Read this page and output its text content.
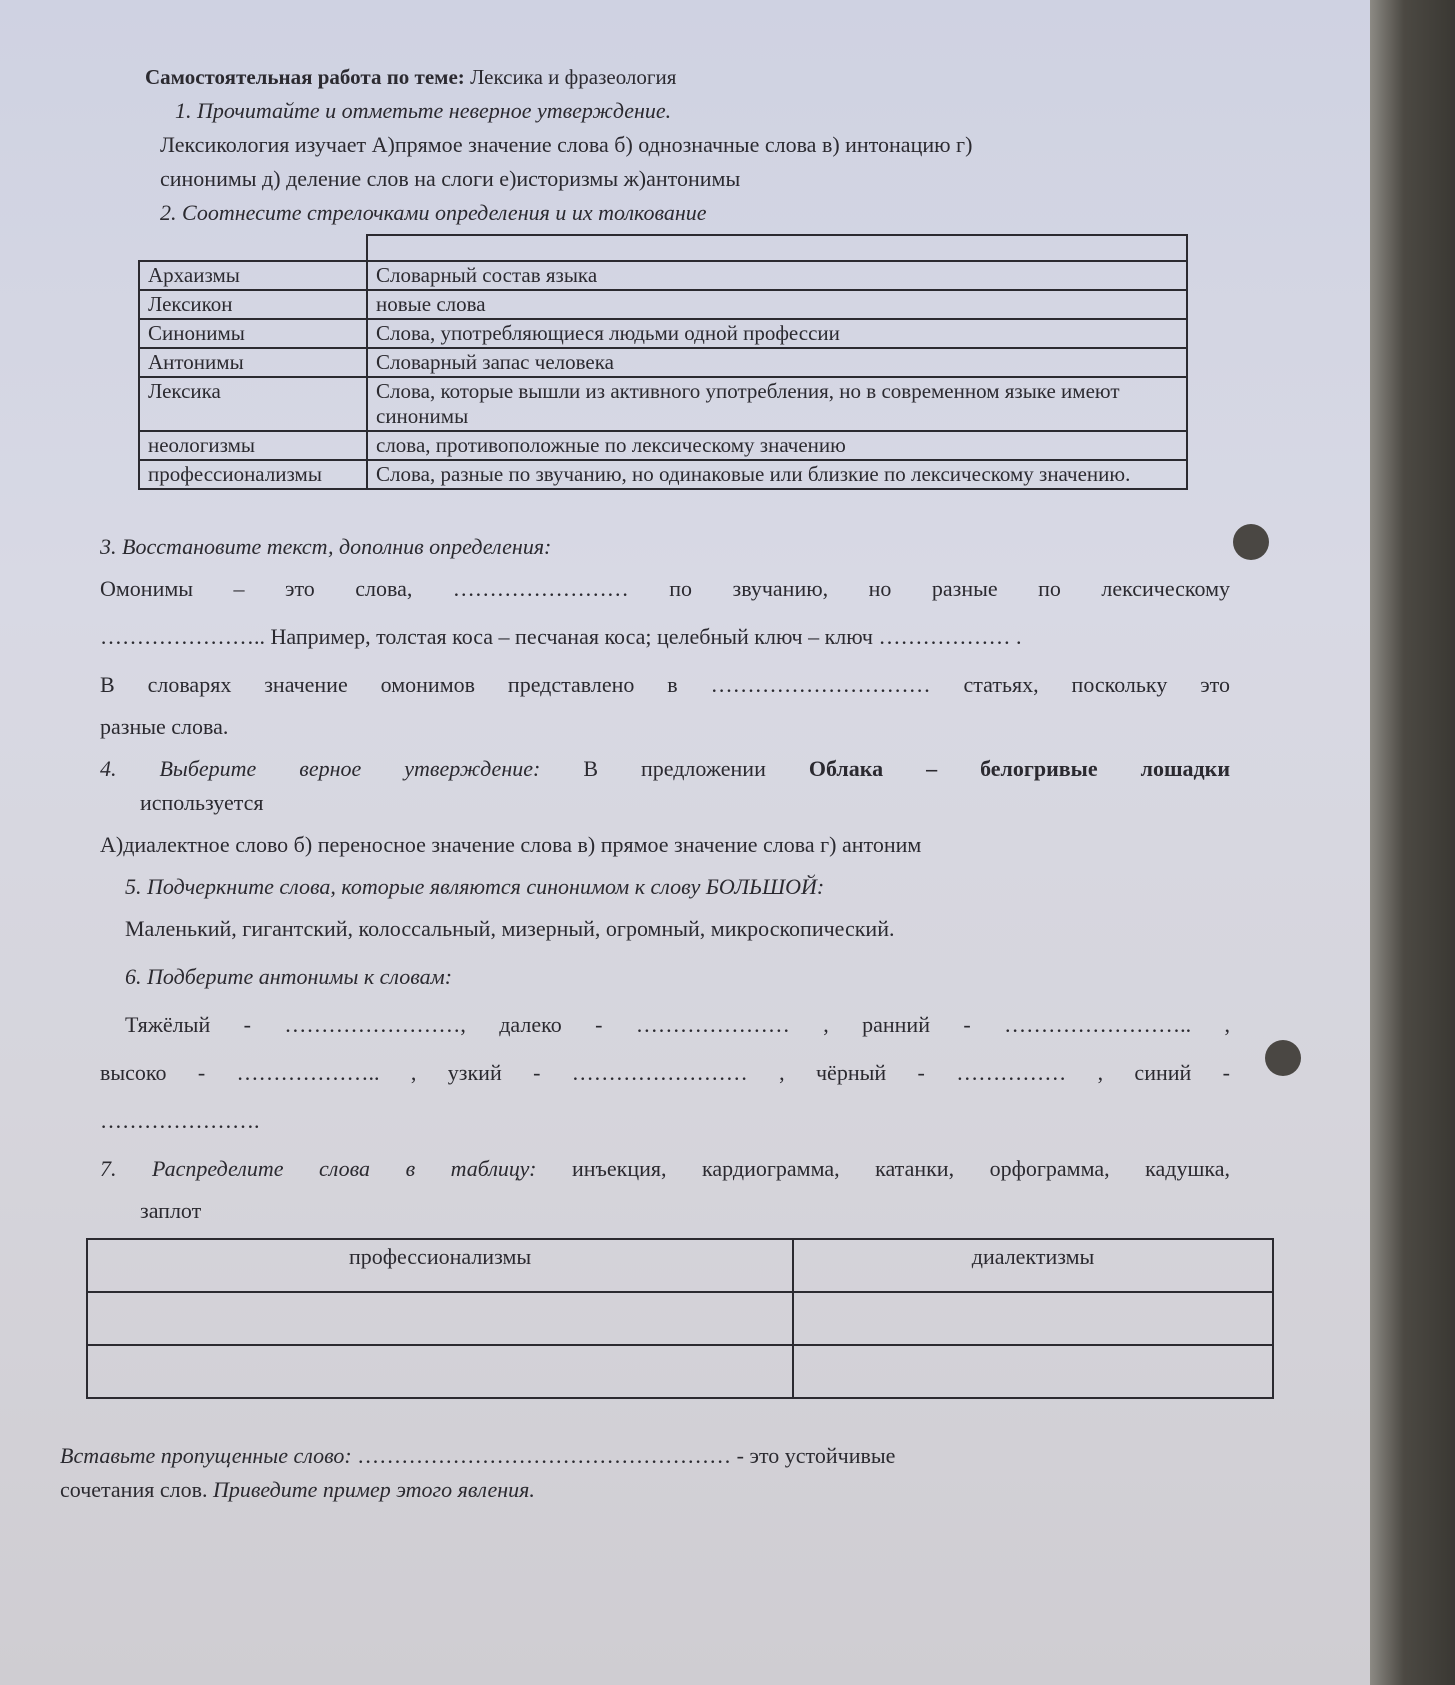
Самостоятельная работа по теме: Лексика и фразеология
1. Прочитайте и отметьте неверное утверждение.
Лексикология изучает А)прямое значение слова б) однозначные слова в) интонацию г)
синонимы д) деление слов на слоги е)историзмы ж)антонимы
2. Соотнесите стрелочками определения и их толкование

Архаизмы	Словарный состав языка
Лексикон	новые слова
Синонимы	Слова, употребляющиеся людьми одной профессии
Антонимы	Словарный запас человека
Лексика	Слова, которые вышли из активного употребления, но в современном языке имеют синонимы
неологизмы	слова, противоположные по лексическому значению
профессионализмы	Слова, разные по звучанию, но одинаковые или близкие по лексическому значению.
3. Восстановите текст, дополнив определения:
Омонимы – это слова, …………………… по звучанию, но разные по лексическому
………………….. Например, толстая коса – песчаная коса; целебный ключ – ключ ……………… .
В словарях значение омонимов представлено в ………………………… статьях, поскольку это
разные слова.
4. Выберите верное утверждение: В предложении Облака – белогривые лошадки
используется
А)диалектное слово б) переносное значение слова в) прямое значение слова г) антоним
5. Подчеркните слова, которые являются синонимом к слову БОЛЬШОЙ:
Маленький, гигантский, колоссальный, мизерный, огромный, микроскопический.
6. Подберите антонимы к словам:
Тяжёлый - ……………………, далеко - ………………… , ранний - …………………….. ,
высоко - ……………….. , узкий - …………………… , чёрный - …………… , синий -
………………….
7. Распределите слова в таблицу: инъекция, кардиограмма, катанки, орфограмма, кадушка,
заплот
профессионализмы	диалектизмы

Вставьте пропущенные слово: …………………………………………… - это устойчивые
сочетания слов. Приведите пример этого явления.
